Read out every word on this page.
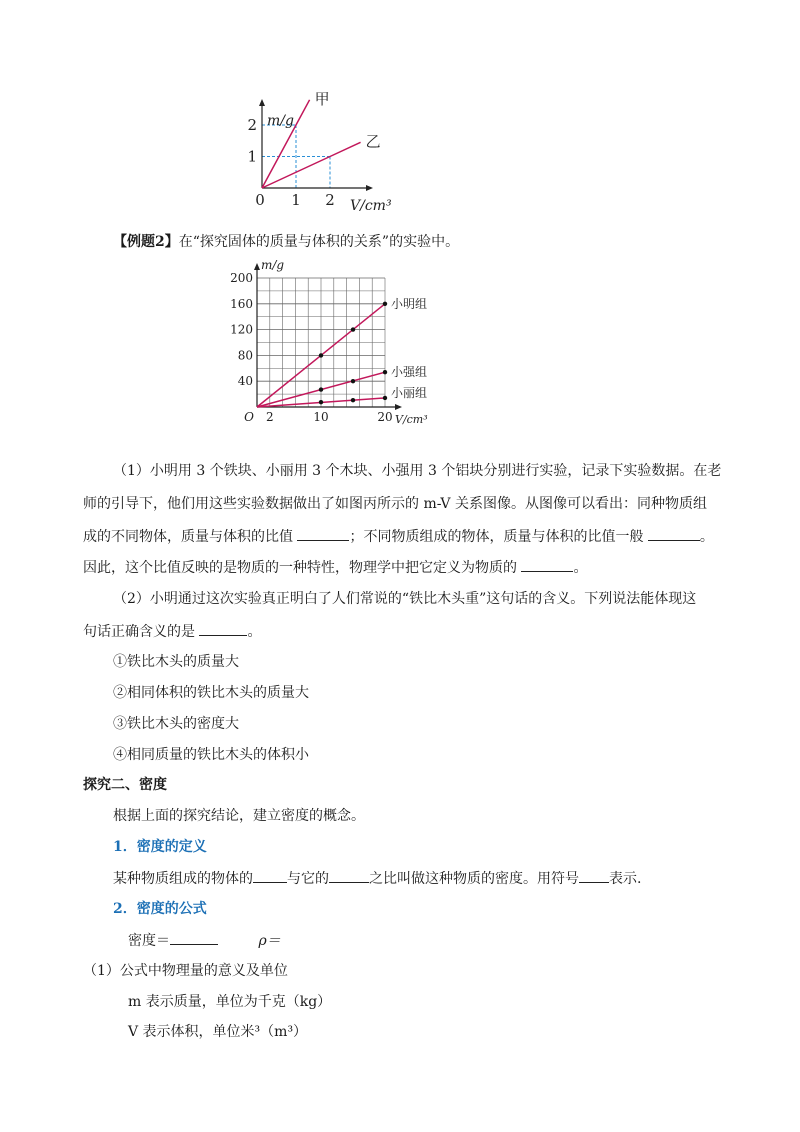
甲
乙
0 1 2
1
2 m/g
V/cm³
小明组
小强组
小丽组
40
80
120
160
200
O 2	10	20
m/g
V/cm³
【例题2】在“探究固体的质量与体积的关系”的实验中。
（1）小明用 3 个铁块、小丽用 3 个木块、小强用 3 个铝块分别进行实验，记录下实验数据。在老
师的引导下，他们用这些实验数据做出了如图丙所示的 m-V 关系图像。从图像可以看出：同种物质组
成的不同物体，质量与体积的比值	；不同物质组成的物体，质量与体积的比值一般	。
因此，这个比值反映的是物质的一种特性，物理学中把它定义为物质的	。
（2）小明通过这次实验真正明白了人们常说的“铁比木头重”这句话的含义。下列说法能体现这
句话正确含义的是	。
①铁比木头的质量大
②相同体积的铁比木头的质量大
③铁比木头的密度大
④相同质量的铁比木头的体积小
探究二、密度
根据上面的探究结论，建立密度的概念。
1．密度的定义
某种物质组成的物体的 与它的	之比叫做这种物质的密度。用符号 表示.
2．密度的公式
密度＝	ρ＝
（1）公式中物理量的意义及单位
m 表示质量，单位为千克（kg）
V 表示体积，单位米³（m³）
